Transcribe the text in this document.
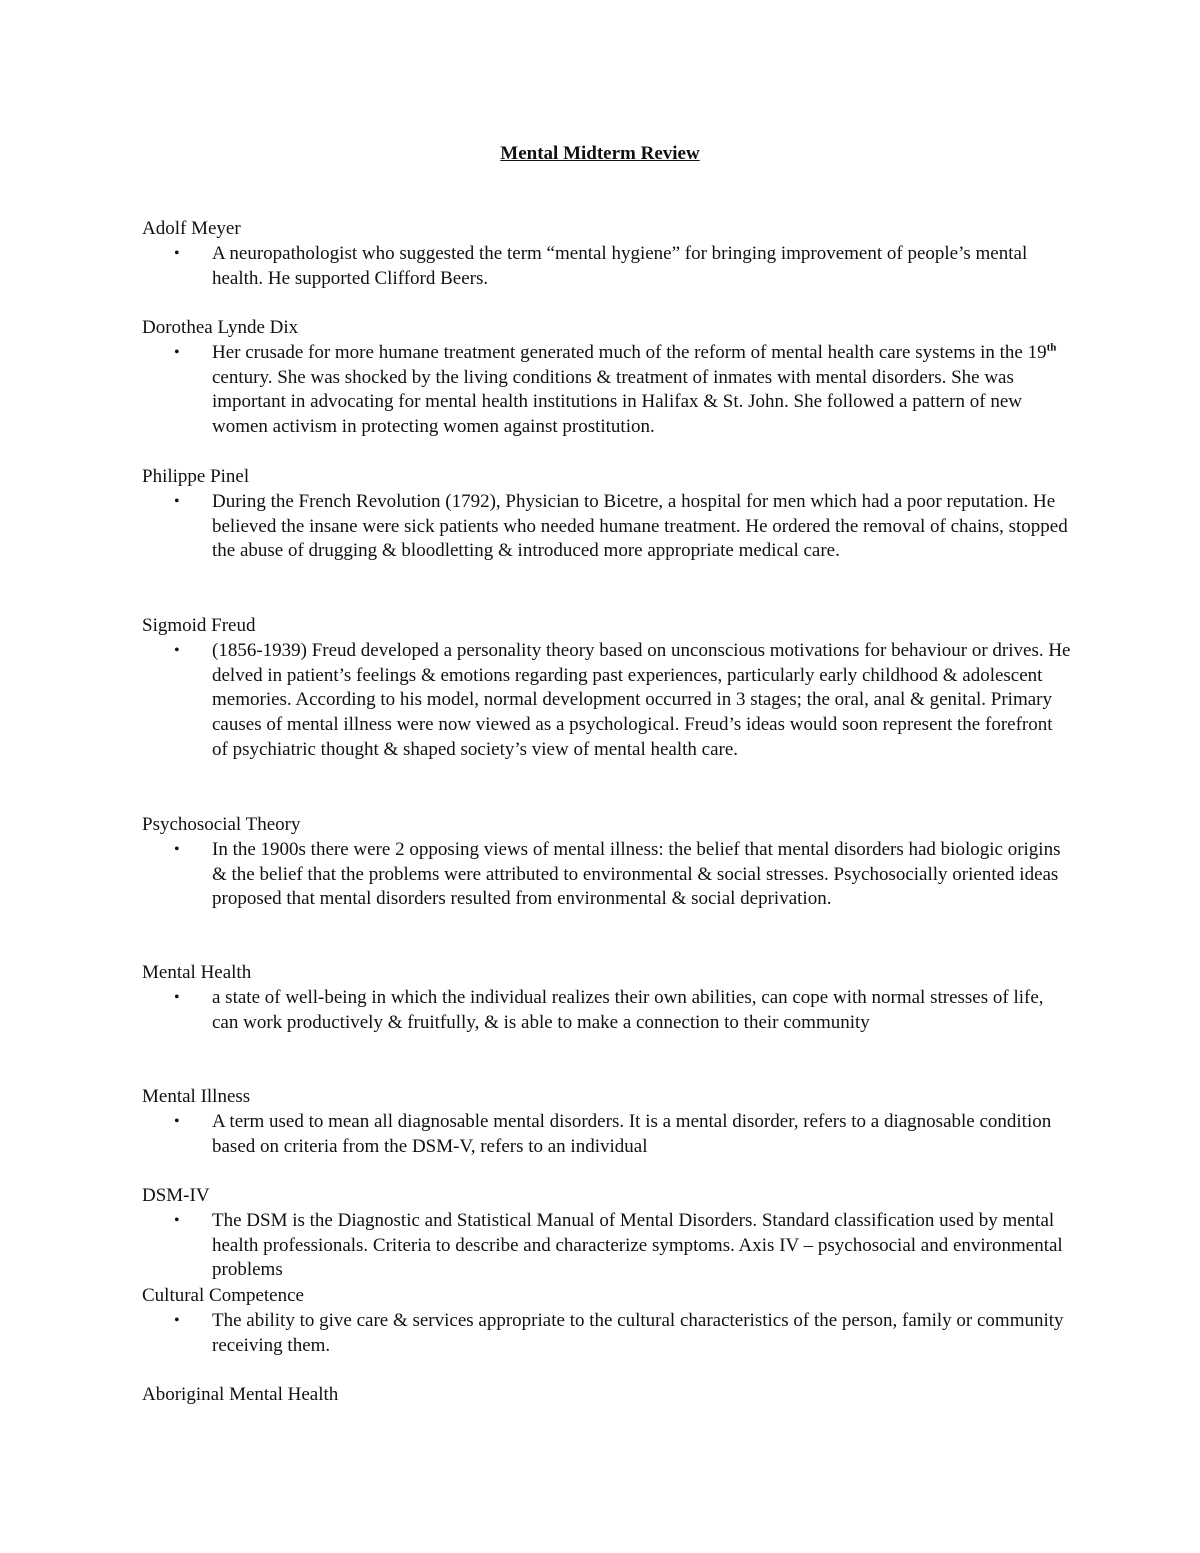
Mental Midterm Review

Adolf Meyer

• A neuropathologist who suggested the term “mental hygiene” for bringing improvement of people’s mental health. He supported Clifford Beers.

Dorothea Lynde Dix

• Her crusade for more humane treatment generated much of the reform of mental health care systems in the 19th century. She was shocked by the living conditions & treatment of inmates with mental disorders. She was important in advocating for mental health institutions in Halifax & St. John. She followed a pattern of new women activism in protecting women against prostitution.

Philippe Pinel

• During the French Revolution (1792), Physician to Bicetre, a hospital for men which had a poor reputation. He believed the insane were sick patients who needed humane treatment. He ordered the removal of chains, stopped the abuse of drugging & bloodletting & introduced more appropriate medical care.

Sigmoid Freud

• (1856-1939) Freud developed a personality theory based on unconscious motivations for behaviour or drives. He delved in patient’s feelings & emotions regarding past experiences, particularly early childhood & adolescent memories. According to his model, normal development occurred in 3 stages; the oral, anal & genital. Primary causes of mental illness were now viewed as a psychological. Freud’s ideas would soon represent the forefront of psychiatric thought & shaped society’s view of mental health care.

Psychosocial Theory

• In the 1900s there were 2 opposing views of mental illness: the belief that mental disorders had biologic origins & the belief that the problems were attributed to environmental & social stresses. Psychosocially oriented ideas proposed that mental disorders resulted from environmental & social deprivation.

Mental Health

• a state of well-being in which the individual realizes their own abilities, can cope with normal stresses of life, can work productively & fruitfully, & is able to make a connection to their community

Mental Illness

• A term used to mean all diagnosable mental disorders. It is a mental disorder, refers to a diagnosable condition based on criteria from the DSM-V, refers to an individual

DSM-IV

• The DSM is the Diagnostic and Statistical Manual of Mental Disorders. Standard classification used by mental health professionals. Criteria to describe and characterize symptoms. Axis IV – psychosocial and environmental problems

Cultural Competence

• The ability to give care & services appropriate to the cultural characteristics of the person, family or community receiving them.

Aboriginal Mental Health
